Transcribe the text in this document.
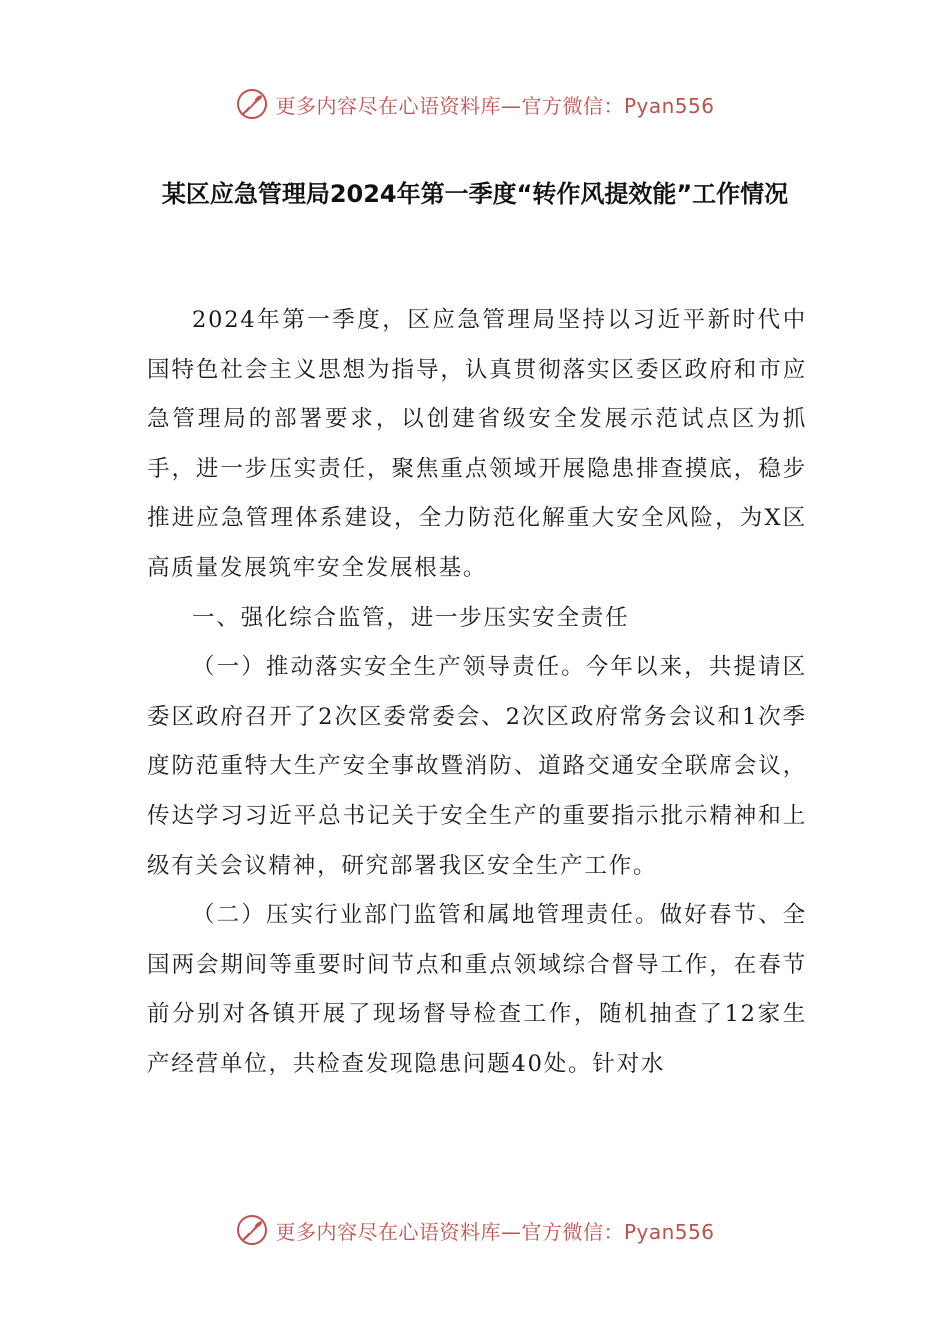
更多内容尽在心语资料库—官方微信：Pyan556
某区应急管理局2024年第一季度“转作风提效能”工作情况

2024年第一季度，区应急管理局坚持以习近平新时代中国特色社会主义思想为指导，认真贯彻落实区委区政府和市应急管理局的部署要求，以创建省级安全发展示范试点区为抓手，进一步压实责任，聚焦重点领域开展隐患排查摸底，稳步推进应急管理体系建设，全力防范化解重大安全风险，为X区高质量发展筑牢安全发展根基。

一、强化综合监管，进一步压实安全责任

（一）推动落实安全生产领导责任。今年以来，共提请区委区政府召开了2次区委常委会、2次区政府常务会议和1次季度防范重特大生产安全事故暨消防、道路交通安全联席会议，传达学习习近平总书记关于安全生产的重要指示批示精神和上级有关会议精神，研究部署我区安全生产工作。

（二）压实行业部门监管和属地管理责任。做好春节、全国两会期间等重要时间节点和重点领域综合督导工作，在春节前分别对各镇开展了现场督导检查工作，随机抽查了12家生产经营单位，共检查发现隐患问题40处。针对水

更多内容尽在心语资料库—官方微信：Pyan556
